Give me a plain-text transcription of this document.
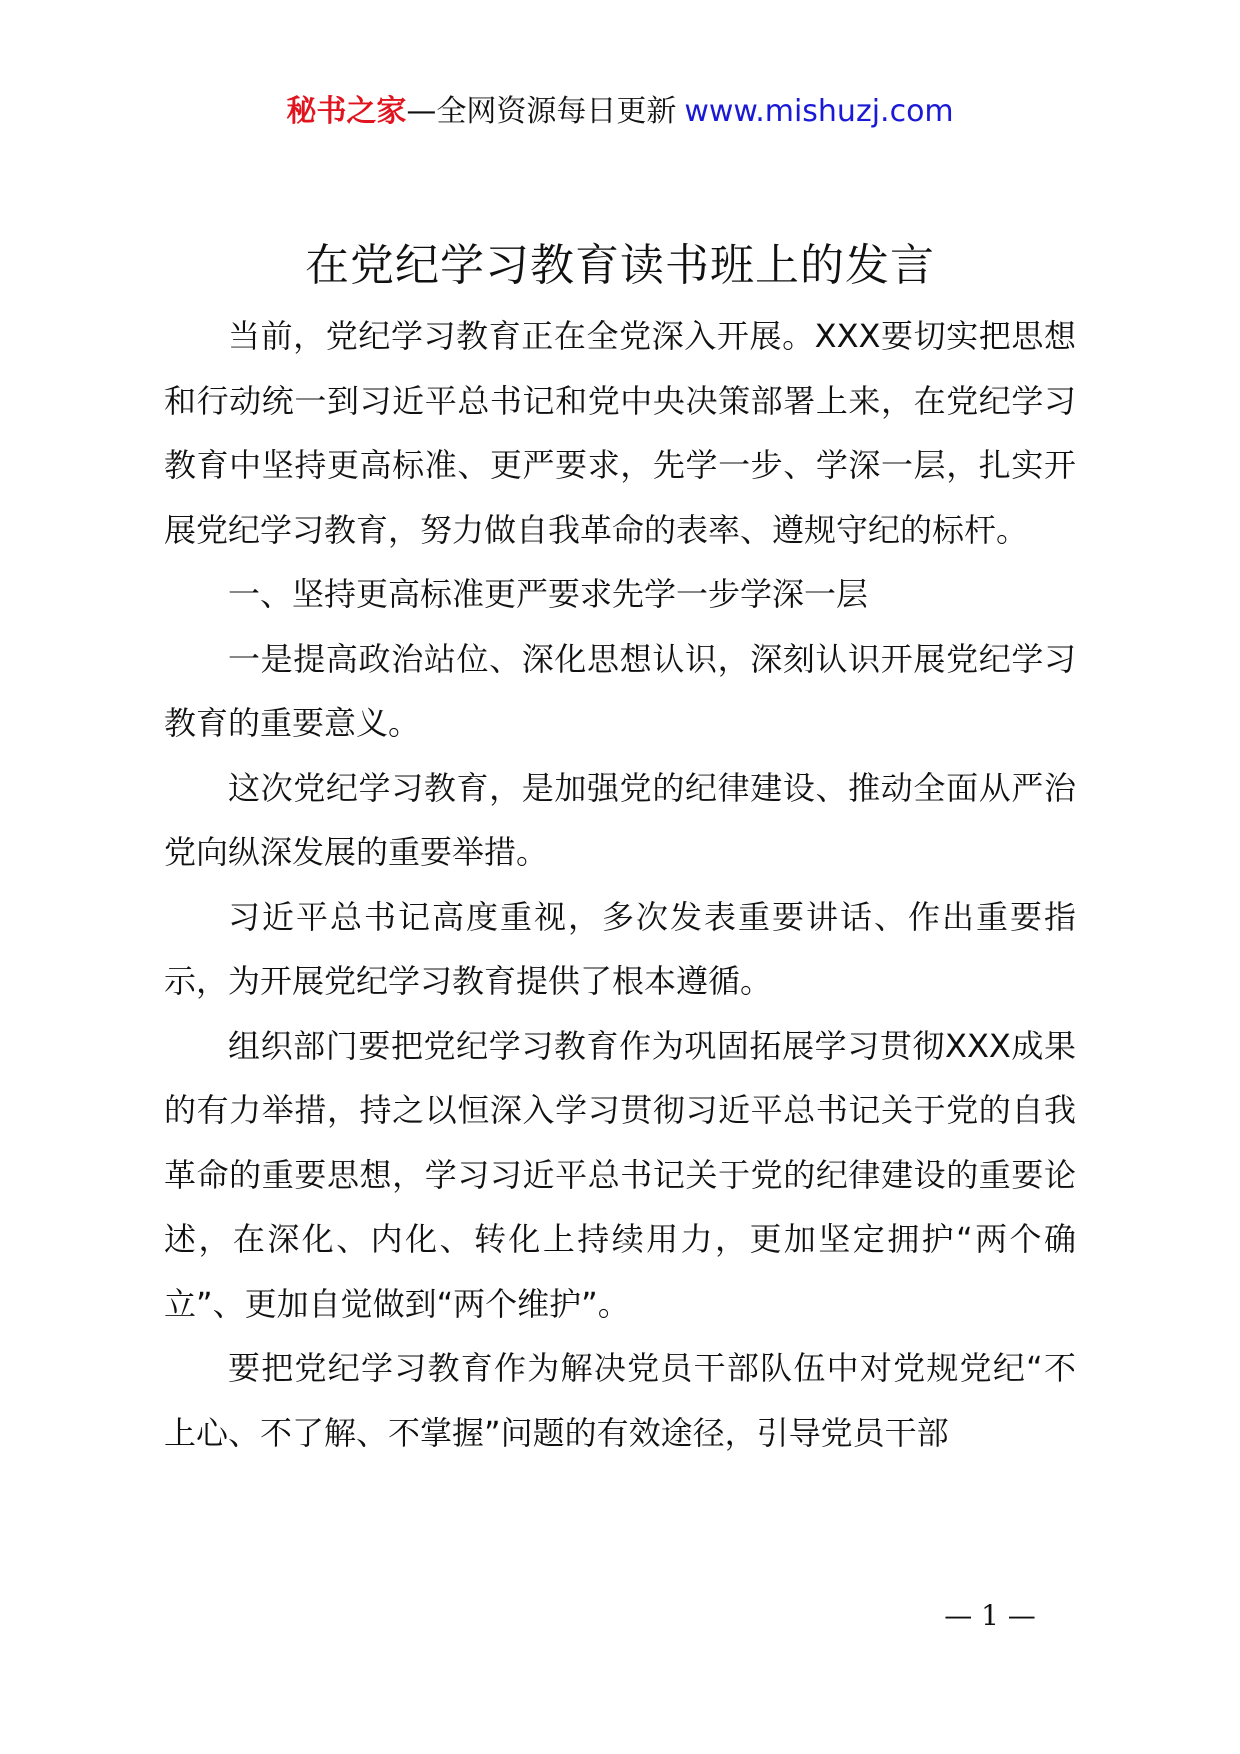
秘书之家—全网资源每日更新 www.mishuzj.com
在党纪学习教育读书班上的发言

当前，党纪学习教育正在全党深入开展。XXX要切实把思想和行动统一到习近平总书记和党中央决策部署上来，在党纪学习教育中坚持更高标准、更严要求，先学一步、学深一层，扎实开展党纪学习教育，努力做自我革命的表率、遵规守纪的标杆。

一、坚持更高标准更严要求先学一步学深一层

一是提高政治站位、深化思想认识，深刻认识开展党纪学习教育的重要意义。

这次党纪学习教育，是加强党的纪律建设、推动全面从严治党向纵深发展的重要举措。

习近平总书记高度重视，多次发表重要讲话、作出重要指示，为开展党纪学习教育提供了根本遵循。

组织部门要把党纪学习教育作为巩固拓展学习贯彻XXX成果的有力举措，持之以恒深入学习贯彻习近平总书记关于党的自我革命的重要思想，学习习近平总书记关于党的纪律建设的重要论述，在深化、内化、转化上持续用力，更加坚定拥护“两个确立”、更加自觉做到“两个维护”。

要把党纪学习教育作为解决党员干部队伍中对党规党纪“不上心、不了解、不掌握”问题的有效途径，引导党员干部

— 1 —
